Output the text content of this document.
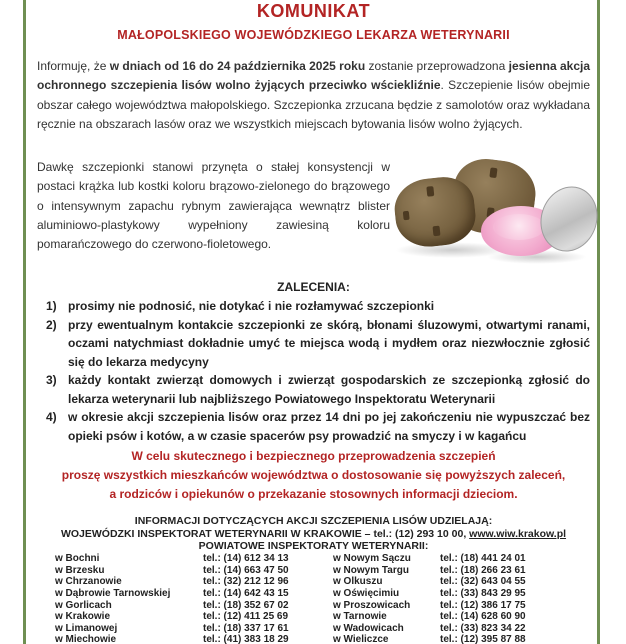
KOMUNIKAT
MAŁOPOLSKIEGO WOJEWÓDZKIEGO LEKARZA WETERYNARII
Informuję, że w dniach od 16 do 24 października 2025 roku zostanie przeprowadzona jesienna akcja ochronnego szczepienia lisów wolno żyjących przeciwko wściekliźnie. Szczepienie lisów obejmie obszar całego województwa małopolskiego. Szczepionka zrzucana będzie z samolotów oraz wykładana ręcznie na obszarach lasów oraz we wszystkich miejscach bytowania lisów wolno żyjących.
Dawkę szczepionki stanowi przynęta o stałej konsystencji w postaci krążka lub kostki koloru brązowo-zielonego do brązowego o intensywnym zapachu rybnym zawierająca wewnątrz blister aluminiowo-plastykowy wypełniony zawiesiną koloru pomarańczowego do czerwono-fioletowego.
ZALECENIA:
1) prosimy nie podnosić, nie dotykać i nie rozłamywać szczepionki
2) przy ewentualnym kontakcie szczepionki ze skórą, błonami śluzowymi, otwartymi ranami, oczami natychmiast dokładnie umyć te miejsca wodą i mydłem oraz niezwłocznie zgłosić się do lekarza medycyny
3) każdy kontakt zwierząt domowych i zwierząt gospodarskich ze szczepionką zgłosić do lekarza weterynarii lub najbliższego Powiatowego Inspektoratu Weterynarii
4) w okresie akcji szczepienia lisów oraz przez 14 dni po jej zakończeniu nie wypuszczać bez opieki psów i kotów, a w czasie spacerów psy prowadzić na smyczy i w kagańcu
W celu skutecznego i bezpiecznego przeprowadzenia szczepień
proszę wszystkich mieszkańców województwa o dostosowanie się powyższych zaleceń,
a rodziców i opiekunów o przekazanie stosownych informacji dzieciom.
INFORMACJI DOTYCZĄCYCH AKCJI SZCZEPIENIA LISÓW UDZIELAJĄ:
WOJEWÓDZKI INSPEKTORAT WETERYNARII W KRAKOWIE – tel.: (12) 293 10 00, www.wiw.krakow.pl
POWIATOWE INSPEKTORATY WETERYNARII:
w Bochni	tel.: (14) 612 34 13	w Nowym Sączu	tel.: (18) 441 24 01
w Brzesku	tel.: (14) 663 47 50	w Nowym Targu	tel.: (18) 266 23 61
w Chrzanowie	tel.: (32) 212 12 96	w Olkuszu	tel.: (32) 643 04 55
w Dąbrowie Tarnowskiej	tel.: (14) 642 43 15	w Oświęcimiu	tel.: (33) 843 29 95
w Gorlicach	tel.: (18) 352 67 02	w Proszowicach	tel.: (12) 386 17 75
w Krakowie	tel.: (12) 411 25 69	w Tarnowie	tel.: (14) 628 60 90
w Limanowej	tel.: (18) 337 17 61	w Wadowicach	tel.: (33) 823 34 22
w Miechowie	tel.: (41) 383 18 29	w Wieliczce	tel.: (12) 395 87 88
